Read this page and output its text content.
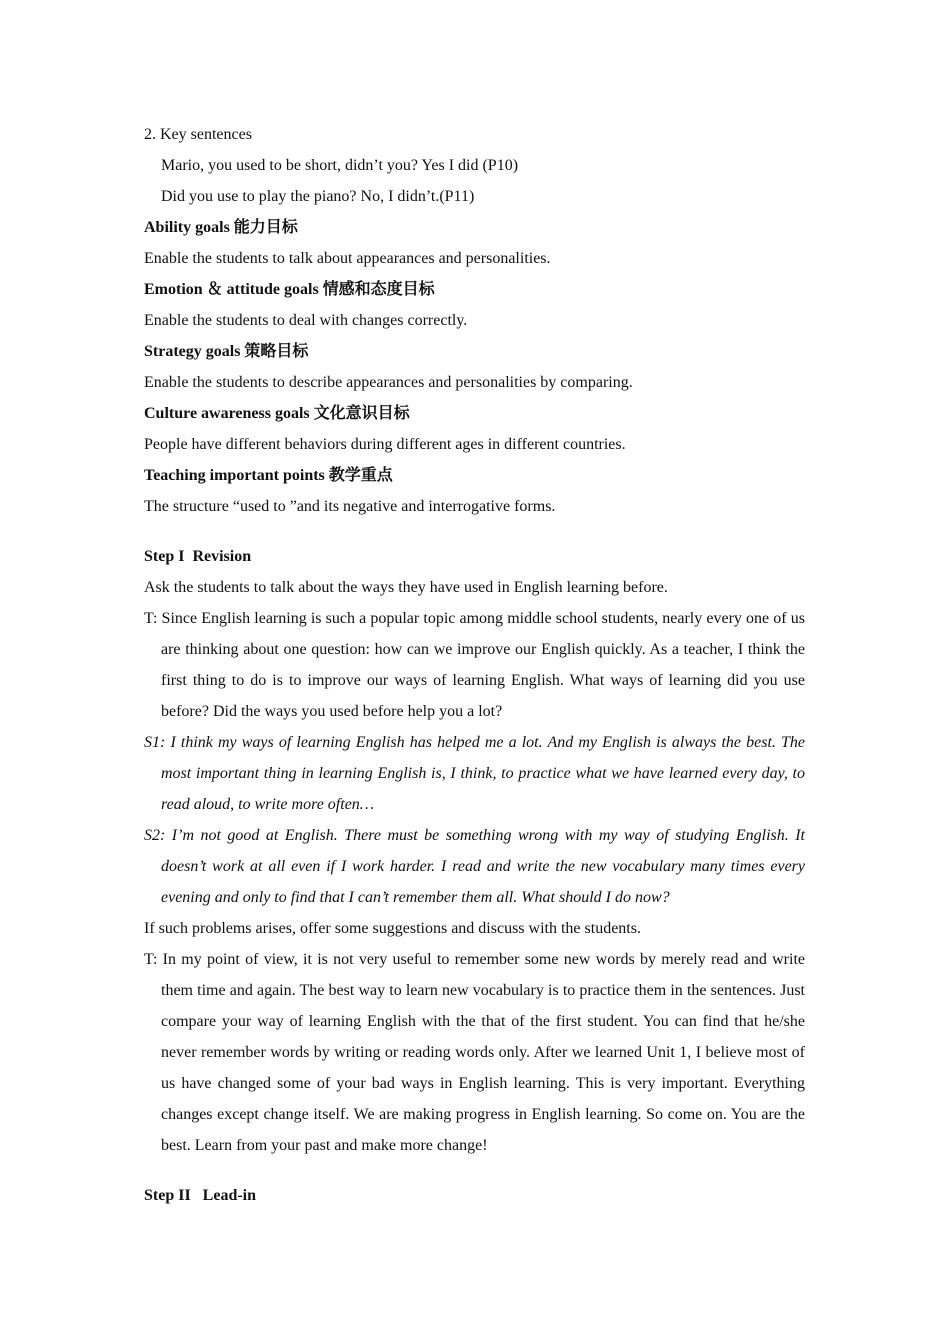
2. Key sentences

Mario, you used to be short, didn’t you? Yes I did (P10)

Did you use to play the piano? No, I didn’t.(P11)

Ability goals 能力目标

Enable the students to talk about appearances and personalities.

Emotion ＆ attitude goals 情感和态度目标

Enable the students to deal with changes correctly.

Strategy goals 策略目标

Enable the students to describe appearances and personalities by comparing.

Culture awareness goals 文化意识目标

People have different behaviors during different ages in different countries.

Teaching important points 教学重点

The structure “used to ”and its negative and interrogative forms.

Step I  Revision

Ask the students to talk about the ways they have used in English learning before.

T: Since English learning is such a popular topic among middle school students, nearly every one of us are thinking about one question: how can we improve our English quickly. As a teacher, I think the first thing to do is to improve our ways of learning English. What ways of learning did you use before? Did the ways you used before help you a lot?

S1: I think my ways of learning English has helped me a lot. And my English is always the best. The most important thing in learning English is, I think, to practice what we have learned every day, to read aloud, to write more often…

S2: I’m not good at English. There must be something wrong with my way of studying English. It doesn’t work at all even if I work harder. I read and write the new vocabulary many times every evening and only to find that I can’t remember them all. What should I do now?

If such problems arises, offer some suggestions and discuss with the students.

T: In my point of view, it is not very useful to remember some new words by merely read and write them time and again. The best way to learn new vocabulary is to practice them in the sentences. Just compare your way of learning English with the that of the first student. You can find that he/she never remember words by writing or reading words only. After we learned Unit 1, I believe most of us have changed some of your bad ways in English learning. This is very important. Everything changes except change itself. We are making progress in English learning. So come on. You are the best. Learn from your past and make more change!

Step II   Lead-in
